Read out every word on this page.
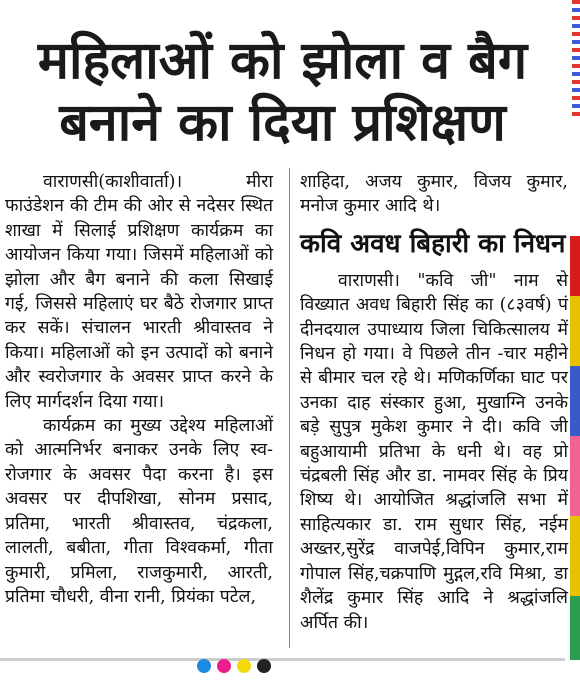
महिलाओं को झोला व बैग
बनाने का दिया प्रशिक्षण

वाराणसी(काशीवार्ता)। मीरा फाउंडेशन की टीम की ओर से नदेसर स्थित शाखा में सिलाई प्रशिक्षण कार्यक्रम का आयोजन किया गया। जिसमें महिलाओं को झोला और बैग बनाने की कला सिखाई गई, जिससे महिलाएं घर बैठे रोजगार प्राप्त कर सकें। संचालन भारती श्रीवास्तव ने किया। महिलाओं को इन उत्पादों को बनाने और स्वरोजगार के अवसर प्राप्त करने के लिए मार्गदर्शन दिया गया।

कार्यक्रम का मुख्य उद्देश्य महिलाओं को आत्मनिर्भर बनाकर उनके लिए स्व-रोजगार के अवसर पैदा करना है। इस अवसर पर दीपशिखा, सोनम प्रसाद, प्रतिमा, भारती श्रीवास्तव, चंद्रकला, लालती, बबीता, गीता विश्वकर्मा, गीता कुमारी, प्रमिला, राजकुमारी, आरती, प्रतिमा चौधरी, वीना रानी, प्रियंका पटेल,

शाहिदा, अजय कुमार, विजय कुमार, मनोज कुमार आदि थे।

कवि अवध बिहारी का निधन

वाराणसी। "कवि जी" नाम से विख्यात अवध बिहारी सिंह का (८३वर्ष) पं दीनदयाल उपाध्याय जिला चिकित्सालय में निधन हो गया। वे पिछले तीन -चार महीने से बीमार चल रहे थे। मणिकर्णिका घाट पर उनका दाह संस्कार हुआ, मुखाग्नि उनके बड़े सुपुत्र मुकेश कुमार ने दी। कवि जी बहुआयामी प्रतिभा के धनी थे। वह प्रो चंद्रबली सिंह और डा. नामवर सिंह के प्रिय शिष्य थे। आयोजित श्रद्धांजलि सभा में साहित्यकार डा. राम सुधार सिंह, नईम अख्तर,सुरेंद्र वाजपेई,विपिन कुमार,राम गोपाल सिंह,चक्रपाणि मुद्गल,रवि मिश्रा, डा शैलेंद्र कुमार सिंह आदि ने श्रद्धांजलि अर्पित की।
